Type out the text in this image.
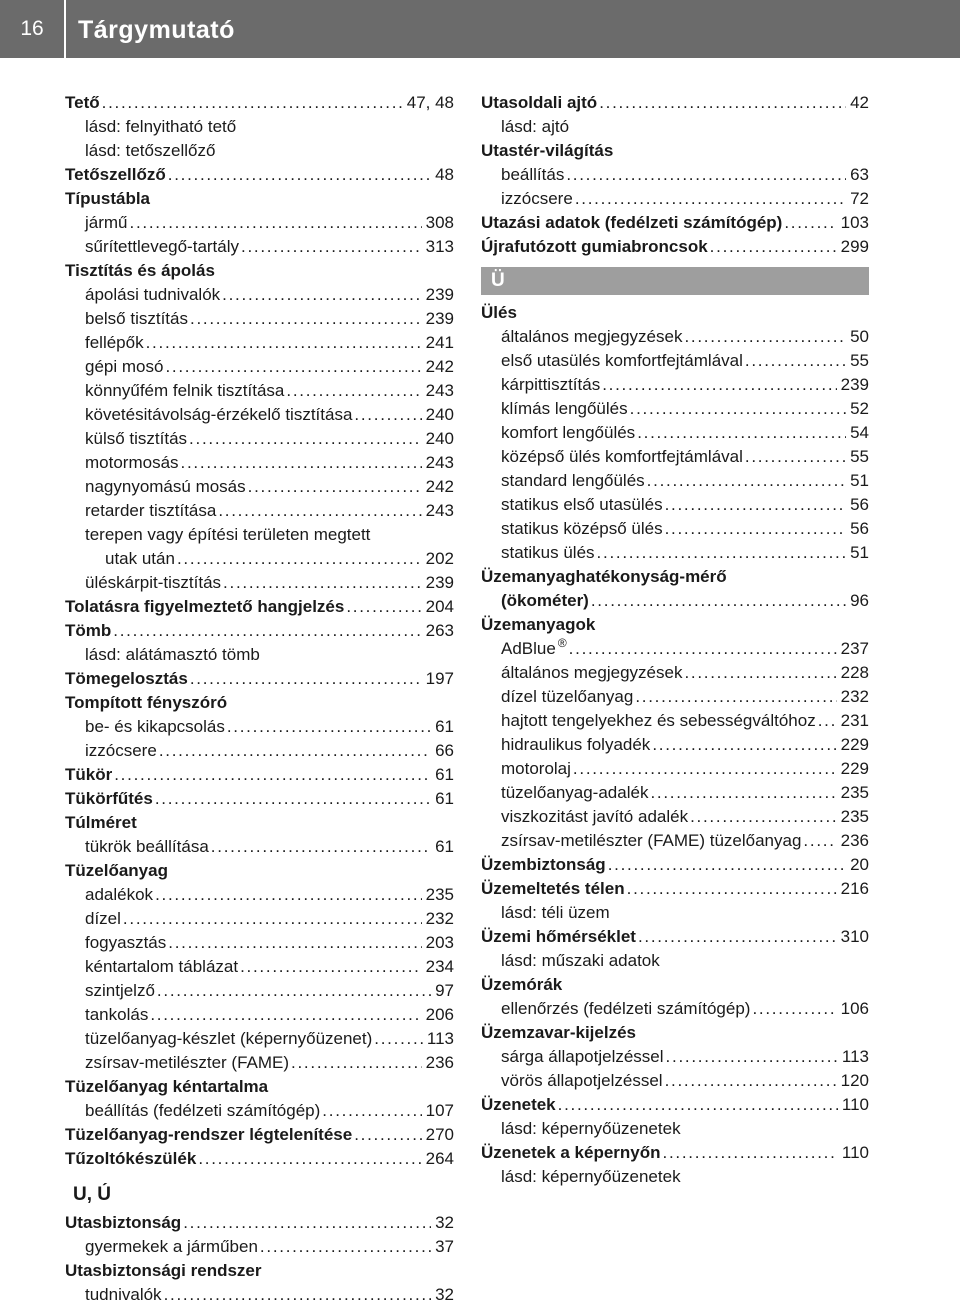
16	Tárgymutató
Tető . . .	47, 48
lásd: felnyitható tető
lásd: tetőszellőző
Tetőszellőző . . .	48
Típustábla
jármű . . .	308
sűrítettlevegő-tartály . . .	313
Tisztítás és ápolás
ápolási tudnivalók . . .	239
belső tisztítás . . .	239
fellépők . . .	241
gépi mosó . . .	242
könnyűfém felnik tisztítása . . .	243
követésitávolság-érzékelő tisztítása . . .	240
külső tisztítás . . .	240
motormosás . . .	243
nagynyomású mosás . . .	242
retarder tisztítása . . .	243
terepen vagy építési területen megtett
utak után . . .	202
üléskárpit-tisztítás . . .	239
Tolatásra figyelmeztető hangjelzés . . .	204
Tömb . . .	263
lásd: alátámasztó tömb
Tömegelosztás . . .	197
Tompított fényszóró
be- és kikapcsolás . . .	61
izzócsere . . .	66
Tükör . . .	61
Tükörfűtés . . .	61
Túlméret
tükrök beállítása . . .	61
Tüzelőanyag
adalékok . . .	235
dízel . . .	232
fogyasztás . . .	203
kéntartalom táblázat . . .	234
szintjelző . . .	97
tankolás . . .	206
tüzelőanyag-készlet (képernyőüzenet) . . .	113
zsírsav-metilészter (FAME) . . .	236
Tüzelőanyag kéntartalma
beállítás (fedélzeti számítógép) . . .	107
Tüzelőanyag-rendszer légtelenítése . . .	270
Tűzoltókészülék . . .	264
U, Ú
Utasbiztonság . . .	32
gyermekek a járműben . . .	37
Utasbiztonsági rendszer
tudnivalók . . .	32
Utasoldali ajtó . . .	42
lásd: ajtó
Utastér-világítás
beállítás . . .	63
izzócsere . . .	72
Utazási adatok (fedélzeti számítógép) . . .	103
Újrafutózott gumiabroncsok . . .	299
Ü
Ülés
általános megjegyzések . . .	50
első utasülés komfortfejtámlával . . .	55
kárpittisztítás . . .	239
klímás lengőülés . . .	52
komfort lengőülés . . .	54
középső ülés komfortfejtámlával . . .	55
standard lengőülés . . .	51
statikus első utasülés . . .	56
statikus középső ülés . . .	56
statikus ülés . . .	51
Üzemanyaghatékonyság-mérő
(ökométer) . . .	96
Üzemanyagok
AdBlue ® . . .	237
általános megjegyzések . . .	228
dízel tüzelőanyag . . .	232
hajtott tengelyekhez és sebességváltóhoz . . . 231
hidraulikus folyadék . . .	229
motorolaj . . .	229
tüzelőanyag-adalék . . .	235
viszkozitást javító adalék . . .	235
zsírsav-metilészter (FAME) tüzelőanyag . . . 236
Üzembiztonság . . .	20
Üzemeltetés télen . . .	216
lásd: téli üzem
Üzemi hőmérséklet . . .	310
lásd: műszaki adatok
Üzemórák
ellenőrzés (fedélzeti számítógép) . . .	106
Üzemzavar-kijelzés
sárga állapotjelzéssel . . .	113
vörös állapotjelzéssel . . .	120
Üzenetek . . .	110
lásd: képernyőüzenetek
Üzenetek a képernyőn . . .	110
lásd: képernyőüzenetek
